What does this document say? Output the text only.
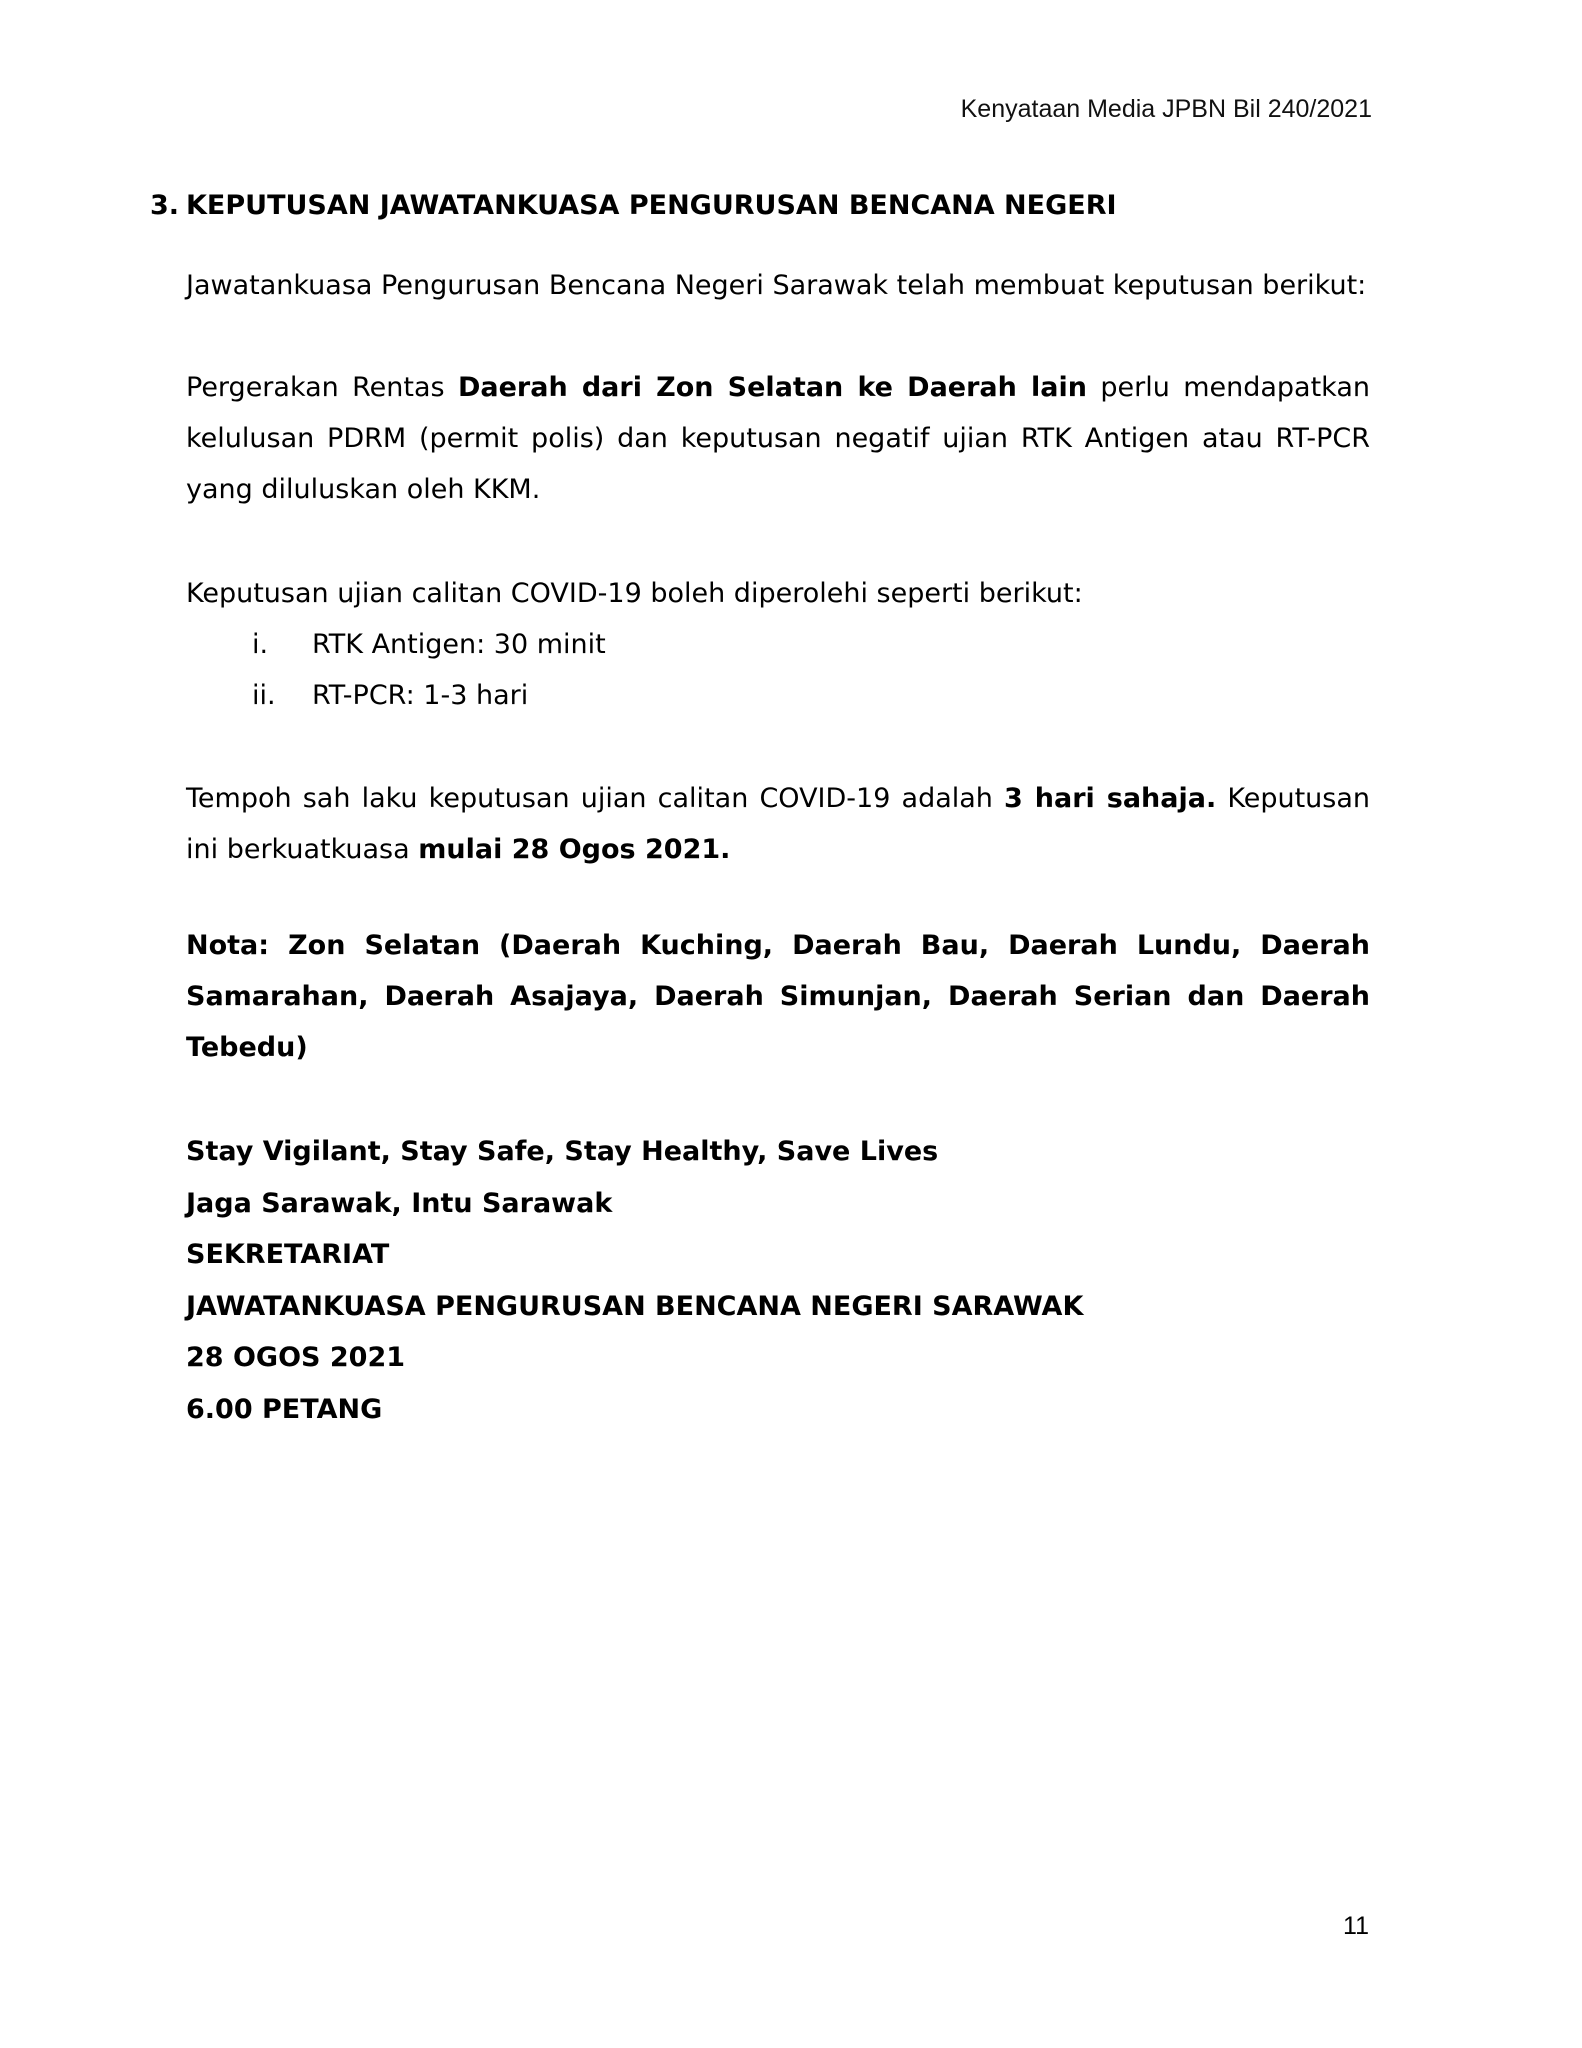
Kenyataan Media JPBN Bil 240/2021
3. KEPUTUSAN JAWATANKUASA PENGURUSAN BENCANA NEGERI
Jawatankuasa Pengurusan Bencana Negeri Sarawak telah membuat keputusan berikut:
Pergerakan Rentas Daerah dari Zon Selatan ke Daerah lain perlu mendapatkan kelulusan PDRM (permit polis) dan keputusan negatif ujian RTK Antigen atau RT-PCR yang diluluskan oleh KKM.
Keputusan ujian calitan COVID-19 boleh diperolehi seperti berikut:
i.	RTK Antigen: 30 minit
ii.	RT-PCR: 1-3 hari
Tempoh sah laku keputusan ujian calitan COVID-19 adalah 3 hari sahaja. Keputusan ini berkuatkuasa mulai 28 Ogos 2021.
Nota: Zon Selatan (Daerah Kuching, Daerah Bau, Daerah Lundu, Daerah Samarahan, Daerah Asajaya, Daerah Simunjan, Daerah Serian dan Daerah Tebedu)
Stay Vigilant, Stay Safe, Stay Healthy, Save Lives
Jaga Sarawak, Intu Sarawak
SEKRETARIAT
JAWATANKUASA PENGURUSAN BENCANA NEGERI SARAWAK
28 OGOS 2021
6.00 PETANG
11
